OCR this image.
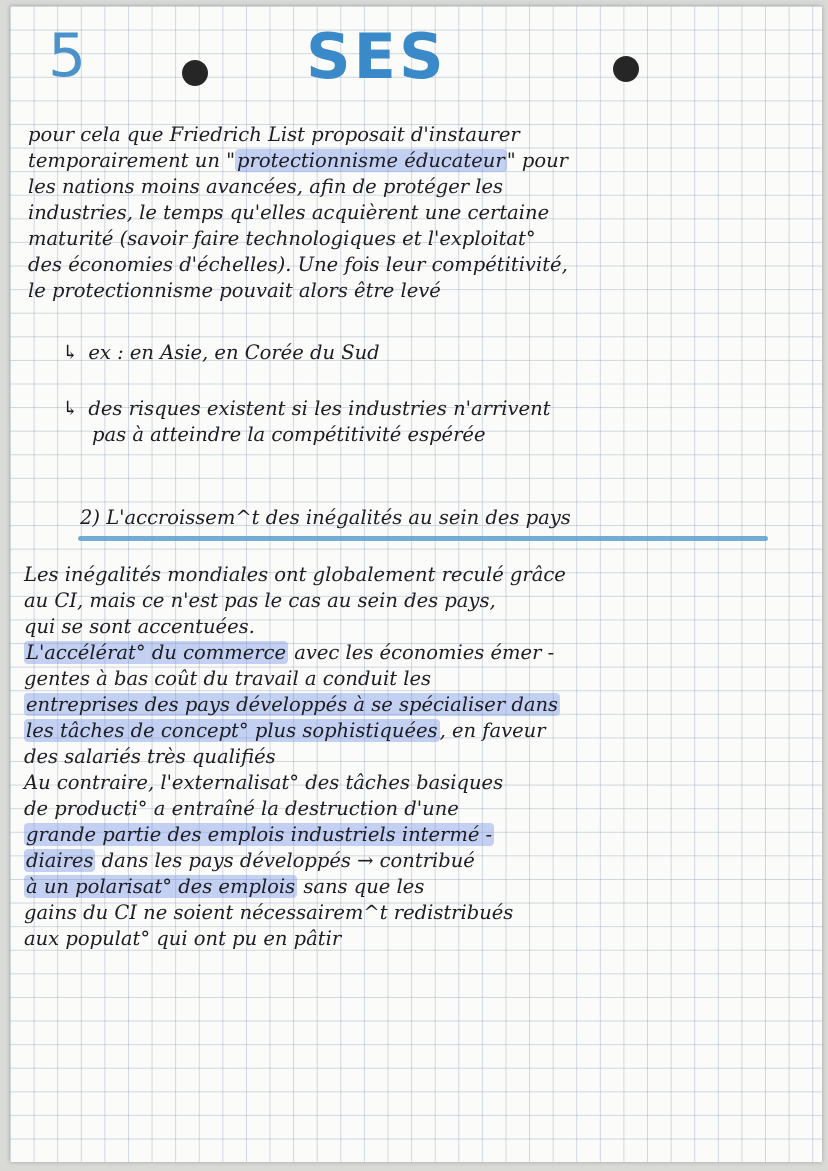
5	SES
pour cela que Friedrich List proposait d'instaurer
temporairement un " protectionnisme éducateur " pour
les nations moins avancées, afin de protéger les
industries, le temps qu'elles acquièrent une certaine
maturité (savoir faire technologiques et l'exploitat°
des économies d'échelles). Une fois leur compétitivité,
le protectionnisme pouvait alors être levé
↳ ex : en Asie, en Corée du Sud
↳ des risques existent si les industries n'arrivent
pas à atteindre la compétitivité espérée
2) L'accroissem^t des inégalités au sein des pays
Les inégalités mondiales ont globalement reculé grâce
au CI, mais ce n'est pas le cas au sein des pays,
qui se sont accentuées.
L'accélérat° du commerce avec les économies émer -
gentes à bas coût du travail a conduit les
entreprises des pays développés à se spécialiser dans
les tâches de concept° plus sophistiquées , en faveur
des salariés très qualifiés
Au contraire, l'externalisat° des tâches basiques
de producti° a entraîné la destruction d'une
grande partie des emplois industriels intermé -
diaires dans les pays développés → contribué
à un polarisat° des emplois sans que les
gains du CI ne soient nécessairem^t redistribués
aux populat° qui ont pu en pâtir
